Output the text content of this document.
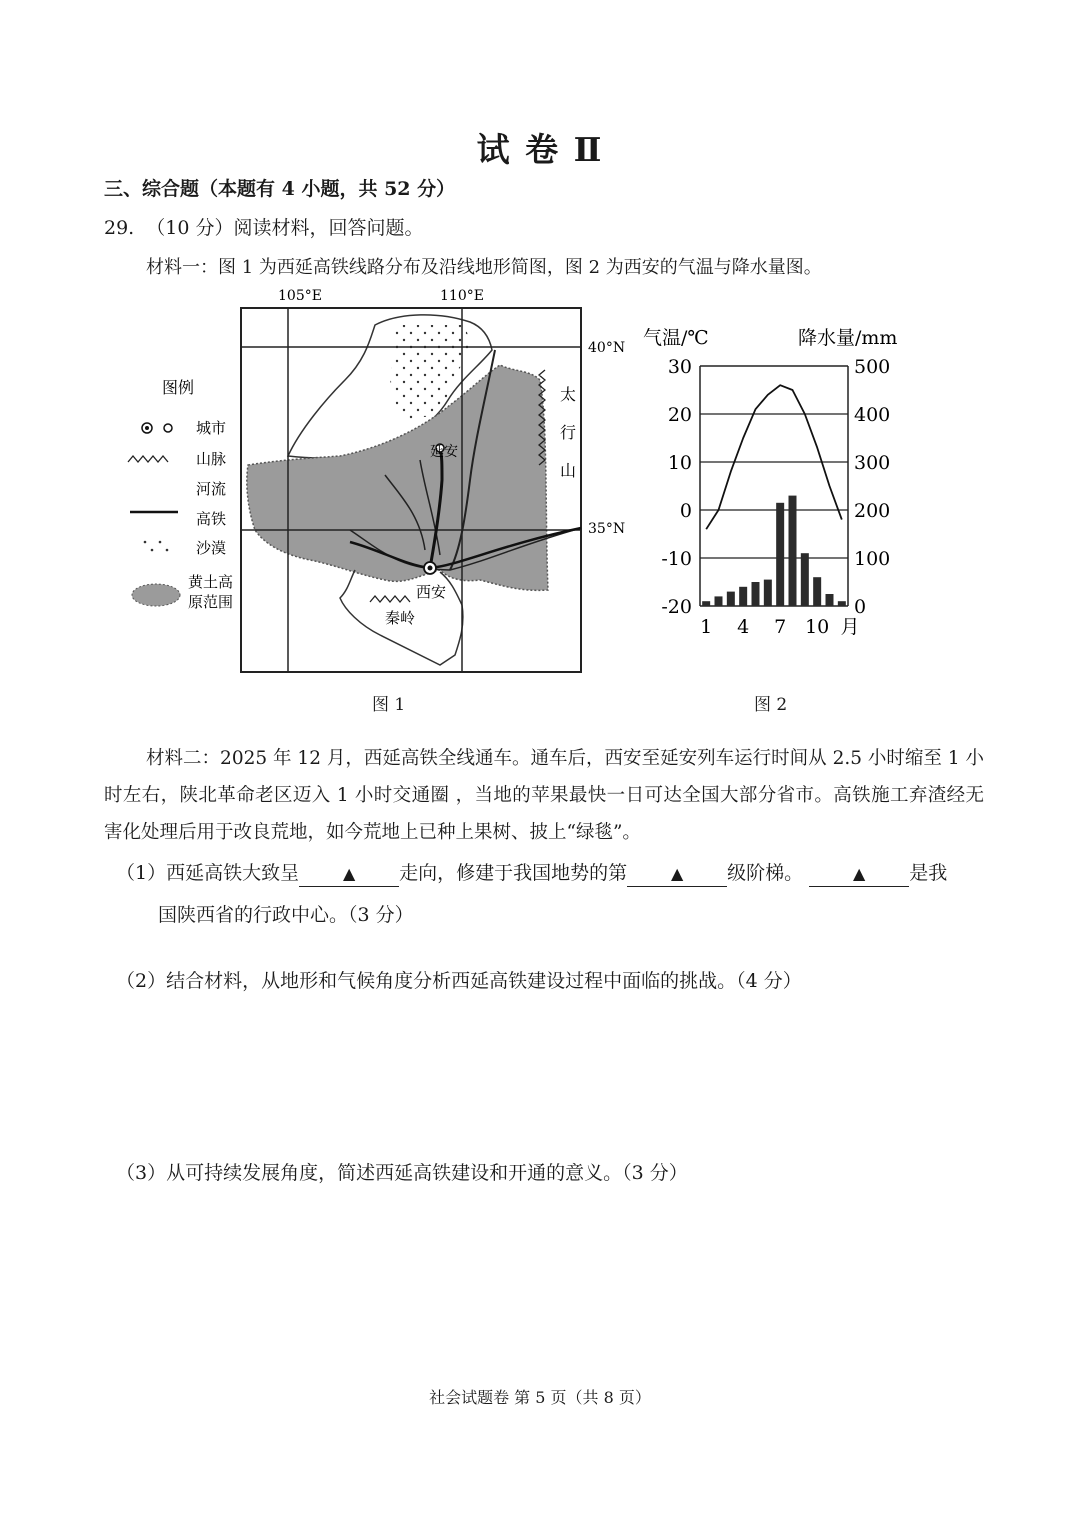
试 卷 Ⅱ
三、综合题（本题有 4 小题，共 52 分）
29. （10 分）阅读材料，回答问题。
材料一：图 1 为西延高铁线路分布及沿线地形简图，图 2 为西安的气温与降水量图。
105°E	110°E
40°N
35°N
延安
西安
秦岭
太
行
山
图例
城市
山脉
河流
高铁
沙漠
黄土高
原范围
图 1
气温/℃	降水量/mm
30
20
10
0
-10
-20
500
400
300
200
100
0
1 4 7 10 月
图 2
材料二：2025 年 12 月，西延高铁全线通车。通车后，西安至延安列车运行时间从 2.5 小时缩至 1 小时左右，陕北革命老区迈入 1 小时交通圈 ，当地的苹果最快一日可达全国大部分省市。高铁施工弃渣经无害化处理后用于改良荒地，如今荒地上已种上果树、披上“绿毯”。
（1）西延高铁大致呈	▲ 走向，修建于我国地势的第	▲ 级阶梯。	▲ 是我
国陕西省的行政中心。（3 分）
（2）结合材料，从地形和气候角度分析西延高铁建设过程中面临的挑战。（4 分）
（3）从可持续发展角度，简述西延高铁建设和开通的意义。（3 分）
社会试题卷 第 5 页（共 8 页）
